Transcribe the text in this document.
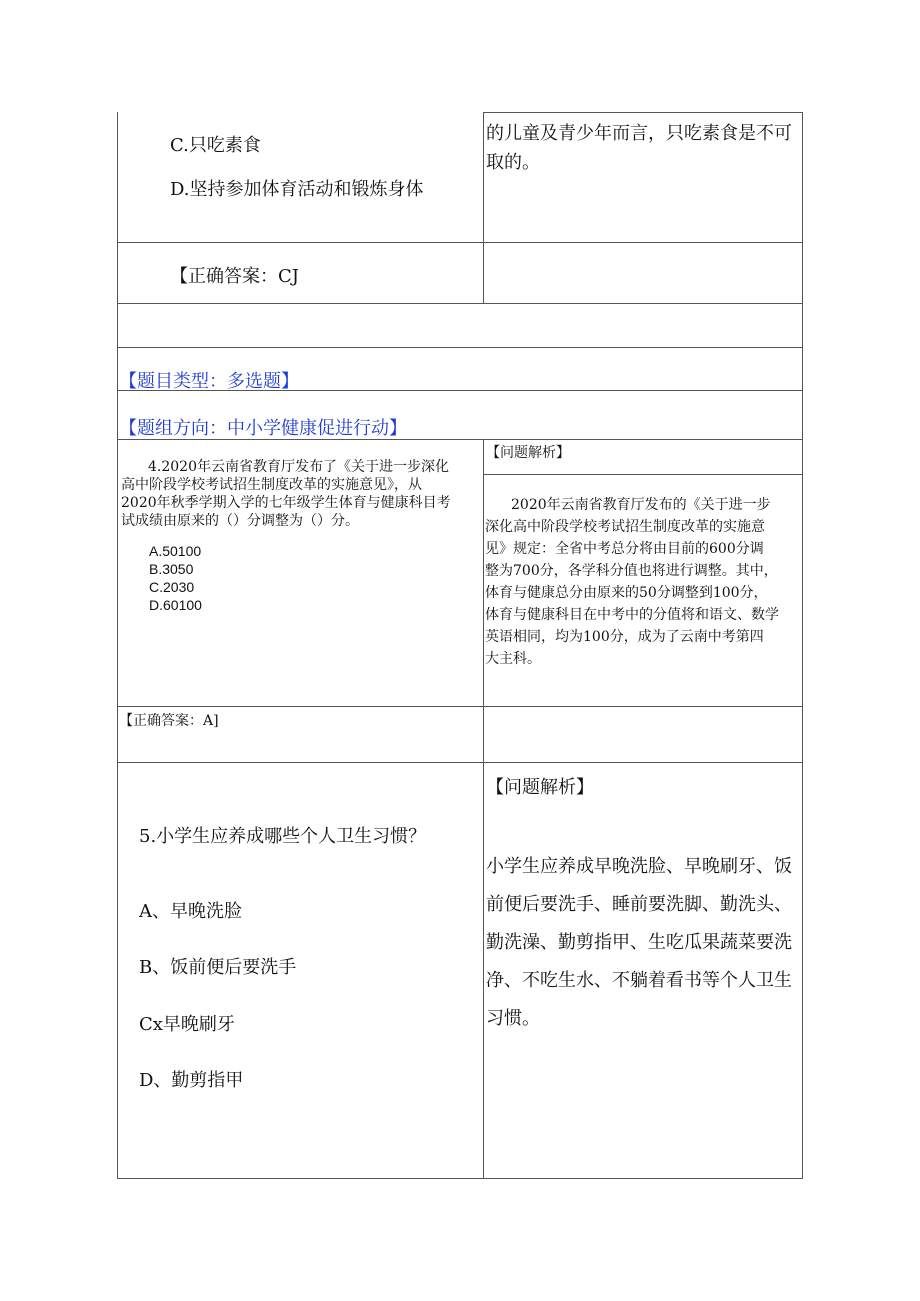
C.只吃素食
D.坚持参加体育活动和锻炼身体
的儿童及青少年而言，只吃素食是不可
取的。
【正确答案：CJ
【题目类型：多选题】
【题组方向：中小学健康促进行动】
4.2020年云南省教育厅发布了《关于进一步深化
高中阶段学校考试招生制度改革的实施意见》，从
2020年秋季学期入学的七年级学生体育与健康科目考
试成绩由原来的（）分调整为（）分。
A.50100
B.3050
C.2030
D.60100
【问题解析】
2020年云南省教育厅发布的《关于进一步
深化高中阶段学校考试招生制度改革的实施意
见》规定：全省中考总分将由目前的600分调
整为700分，各学科分值也将进行调整。其中，
体育与健康总分由原来的50分调整到100分，
体育与健康科目在中考中的分值将和语文、数学
英语相同，均为100分，成为了云南中考第四
大主科。
【正确答案：A]
5.小学生应养成哪些个人卫生习惯？
A、早晚洗脸
B、饭前便后要洗手
Cx早晚刷牙
D、勤剪指甲
【问题解析】
小学生应养成早晚洗脸、早晚刷牙、饭
前便后要洗手、睡前要洗脚、勤洗头、
勤洗澡、勤剪指甲、生吃瓜果蔬菜要洗
净、不吃生水、不躺着看书等个人卫生
习惯。
